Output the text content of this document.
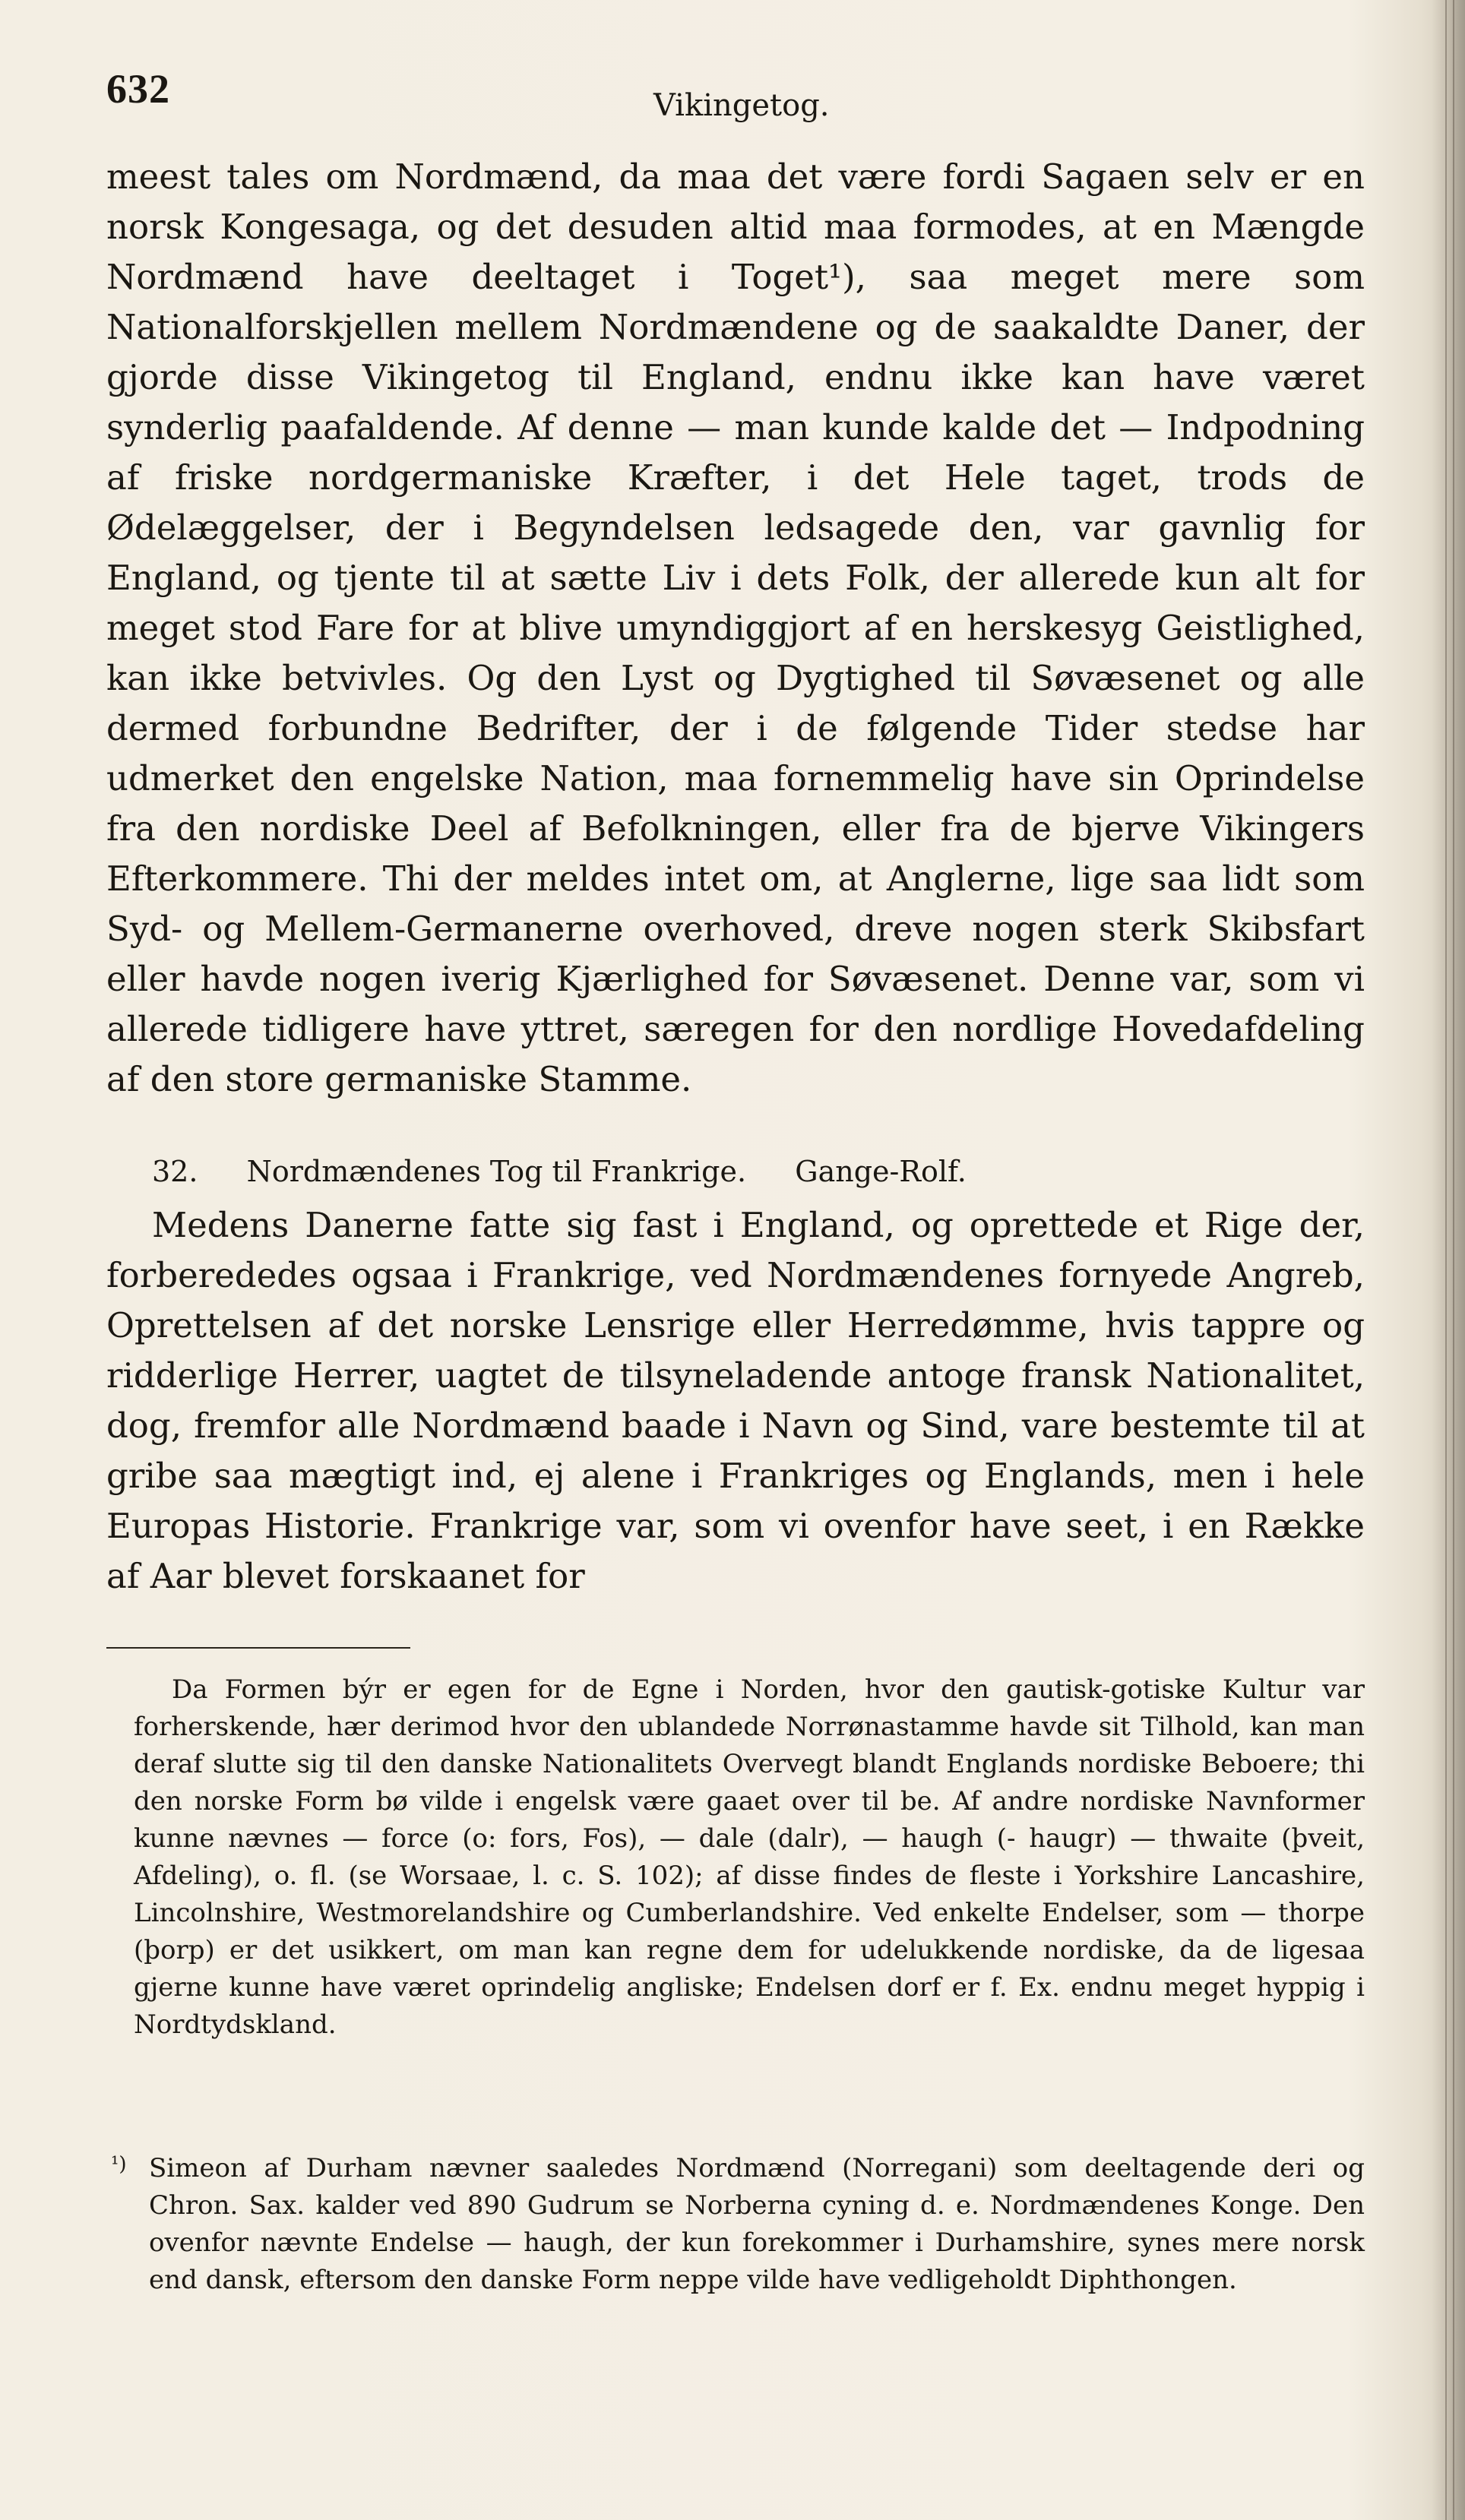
632	Vikingetog.
meest tales om Nordmænd, da maa det være fordi Sagaen selv er en norsk Kongesaga, og det desuden altid maa formodes, at en Mængde Nordmænd have deeltaget i Toget¹), saa meget mere som Nationalforskjellen mellem Nordmændene og de saakaldte Daner, der gjorde disse Vikingetog til England, endnu ikke kan have været synderlig paafaldende. Af denne — man kunde kalde det — Indpodning af friske nordgermaniske Kræfter, i det Hele taget, trods de Ødelæggelser, der i Begyndelsen ledsagede den, var gavnlig for England, og tjente til at sætte Liv i dets Folk, der allerede kun alt for meget stod Fare for at blive umyndiggjort af en herskesyg Geistlighed, kan ikke betvivles. Og den Lyst og Dygtighed til Søvæsenet og alle dermed forbundne Bedrifter, der i de følgende Tider stedse har udmerket den engelske Nation, maa fornemmelig have sin Oprindelse fra den nordiske Deel af Befolkningen, eller fra de bjerve Vikingers Efterkommere. Thi der meldes intet om, at Anglerne, lige saa lidt som Syd- og Mellem-Germanerne overhoved, dreve nogen sterk Skibsfart eller havde nogen iverig Kjærlighed for Søvæsenet. Denne var, som vi allerede tidligere have yttret, særegen for den nordlige Hovedafdeling af den store germaniske Stamme.
32. Nordmændenes Tog til Frankrige. Gange-Rolf.
Medens Danerne fatte sig fast i England, og oprettede et Rige der, forberededes ogsaa i Frankrige, ved Nordmændenes fornyede Angreb, Oprettelsen af det norske Lensrige eller Herredømme, hvis tappre og ridderlige Herrer, uagtet de tilsyneladende antoge fransk Nationalitet, dog, fremfor alle Nordmænd baade i Navn og Sind, vare bestemte til at gribe saa mægtigt ind, ej alene i Frankriges og Englands, men i hele Europas Historie. Frankrige var, som vi ovenfor have seet, i en Række af Aar blevet forskaanet for
Da Formen býr er egen for de Egne i Norden, hvor den gautisk-gotiske Kultur var forherskende, hær derimod hvor den ublandede Norrønastamme havde sit Tilhold, kan man deraf slutte sig til den danske Nationalitets Overvegt blandt Englands nordiske Beboere; thi den norske Form bø vilde i engelsk være gaaet over til be. Af andre nordiske Navnformer kunne nævnes — force (o: fors, Fos), — dale (dalr), — haugh (- haugr) — thwaite (þveit, Afdeling), o. fl. (se Worsaae, l. c. S. 102); af disse findes de fleste i Yorkshire Lancashire, Lincolnshire, Westmorelandshire og Cumberlandshire. Ved enkelte Endelser, som — thorpe (þorp) er det usikkert, om man kan regne dem for udelukkende nordiske, da de ligesaa gjerne kunne have været oprindelig angliske; Endelsen dorf er f. Ex. endnu meget hyppig i Nordtydskland.
¹) Simeon af Durham nævner saaledes Nordmænd (Norregani) som deeltagende deri og Chron. Sax. kalder ved 890 Gudrum se Norberna cyning d. e. Nordmændenes Konge. Den ovenfor nævnte Endelse — haugh, der kun forekommer i Durhamshire, synes mere norsk end dansk, eftersom den danske Form neppe vilde have vedligeholdt Diphthongen.
